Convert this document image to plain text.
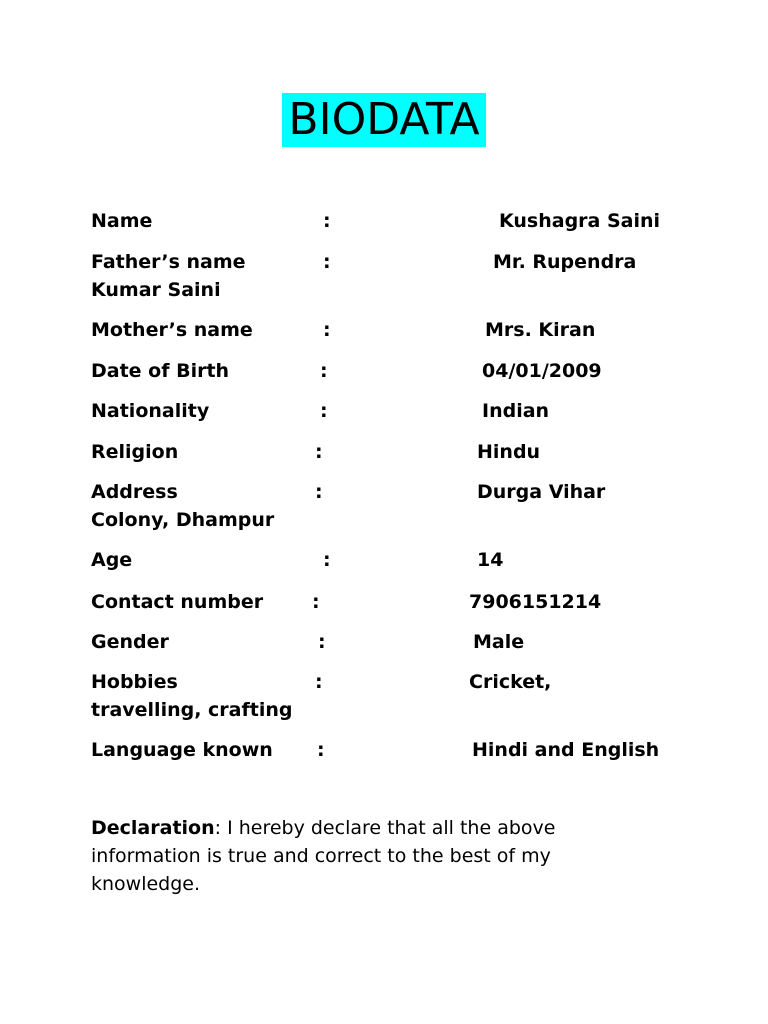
BIODATA
Name	:	Kushagra Saini
Father’s name	:	Mr. Rupendra
Kumar Saini
Mother’s name	:	Mrs. Kiran
Date of Birth	:	04/01/2009
Nationality	:	Indian
Religion	:	Hindu
Address	:	Durga Vihar
Colony, Dhampur
Age	:	14
Contact number	:	7906151214
Gender	:	Male
Hobbies	:	Cricket,
travelling, crafting
Language known :	Hindi and English
Declaration: I hereby declare that all the above information is true and correct to the best of my knowledge.
